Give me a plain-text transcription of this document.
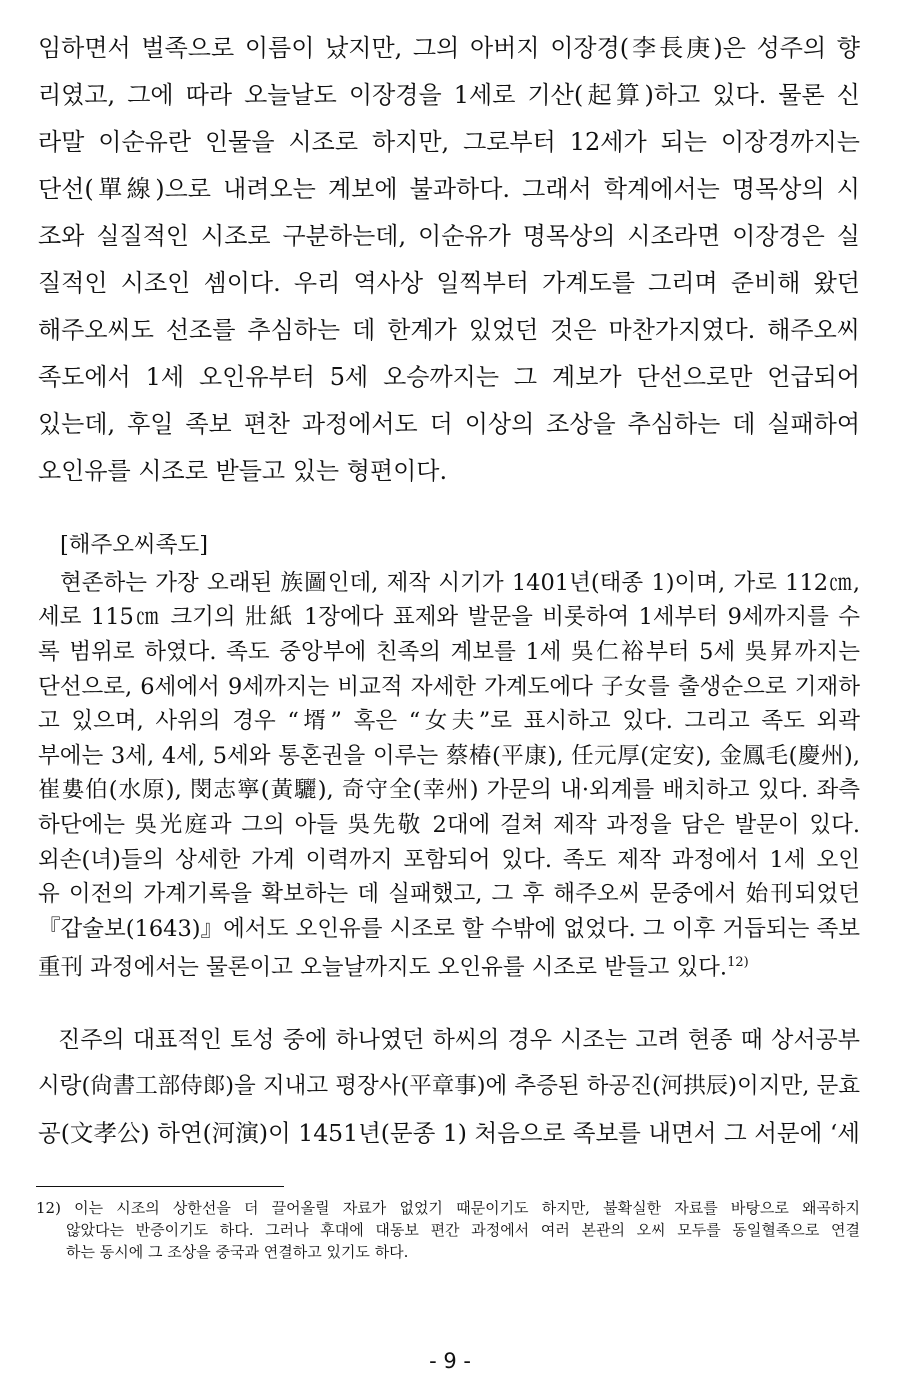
임하면서 벌족으로 이름이 났지만, 그의 아버지 이장경(李長庚)은 성주의 향
리였고, 그에 따라 오늘날도 이장경을 1세로 기산(起算)하고 있다. 물론 신
라말 이순유란 인물을 시조로 하지만, 그로부터 12세가 되는 이장경까지는
단선(單線)으로 내려오는 계보에 불과하다. 그래서 학계에서는 명목상의 시
조와 실질적인 시조로 구분하는데, 이순유가 명목상의 시조라면 이장경은 실
질적인 시조인 셈이다. 우리 역사상 일찍부터 가계도를 그리며 준비해 왔던
해주오씨도 선조를 추심하는 데 한계가 있었던 것은 마찬가지였다. 해주오씨
족도에서 1세 오인유부터 5세 오승까지는 그 계보가 단선으로만 언급되어
있는데, 후일 족보 편찬 과정에서도 더 이상의 조상을 추심하는 데 실패하여
오인유를 시조로 받들고 있는 형편이다.
[해주오씨족도]
현존하는 가장 오래된 族圖인데, 제작 시기가 1401년(태종 1)이며, 가로 112㎝,
세로 115㎝ 크기의 壯紙 1장에다 표제와 발문을 비롯하여 1세부터 9세까지를 수
록 범위로 하였다. 족도 중앙부에 친족의 계보를 1세 吳仁裕부터 5세 吳昇까지는
단선으로, 6세에서 9세까지는 비교적 자세한 가계도에다 子女를 출생순으로 기재하
고 있으며, 사위의 경우 “壻” 혹은 “女夫”로 표시하고 있다. 그리고 족도 외곽
부에는 3세, 4세, 5세와 통혼권을 이루는 蔡椿(平康), 任元厚(定安), 金鳳毛(慶州),
崔婁伯(水原), 閔志寧(黃驪), 奇守全(幸州) 가문의 내·외계를 배치하고 있다. 좌측
하단에는 吳光庭과 그의 아들 吳先敬 2대에 걸쳐 제작 과정을 담은 발문이 있다.
외손(녀)들의 상세한 가계 이력까지 포함되어 있다. 족도 제작 과정에서 1세 오인
유 이전의 가계기록을 확보하는 데 실패했고, 그 후 해주오씨 문중에서 始刊되었던
『갑술보(1643)』에서도 오인유를 시조로 할 수밖에 없었다. 그 이후 거듭되는 족보
重刊 과정에서는 물론이고 오늘날까지도 오인유를 시조로 받들고 있다.$^{12)}$
진주의 대표적인 토성 중에 하나였던 하씨의 경우 시조는 고려 현종 때 상서공부
시랑(尙書工部侍郞)을 지내고 평장사(平章事)에 추증된 하공진(河拱辰)이지만, 문효
공(文孝公) 하연(河演)이 1451년(문종 1) 처음으로 족보를 내면서 그 서문에 ‘세
12) 이는 시조의 상한선을 더 끌어올릴 자료가 없었기 때문이기도 하지만, 불확실한 자료를 바탕으로 왜곡하지
않았다는 반증이기도 하다. 그러나 후대에 대동보 편간 과정에서 여러 본관의 오씨 모두를 동일혈족으로 연결
하는 동시에 그 조상을 중국과 연결하고 있기도 하다.
- 9 -
